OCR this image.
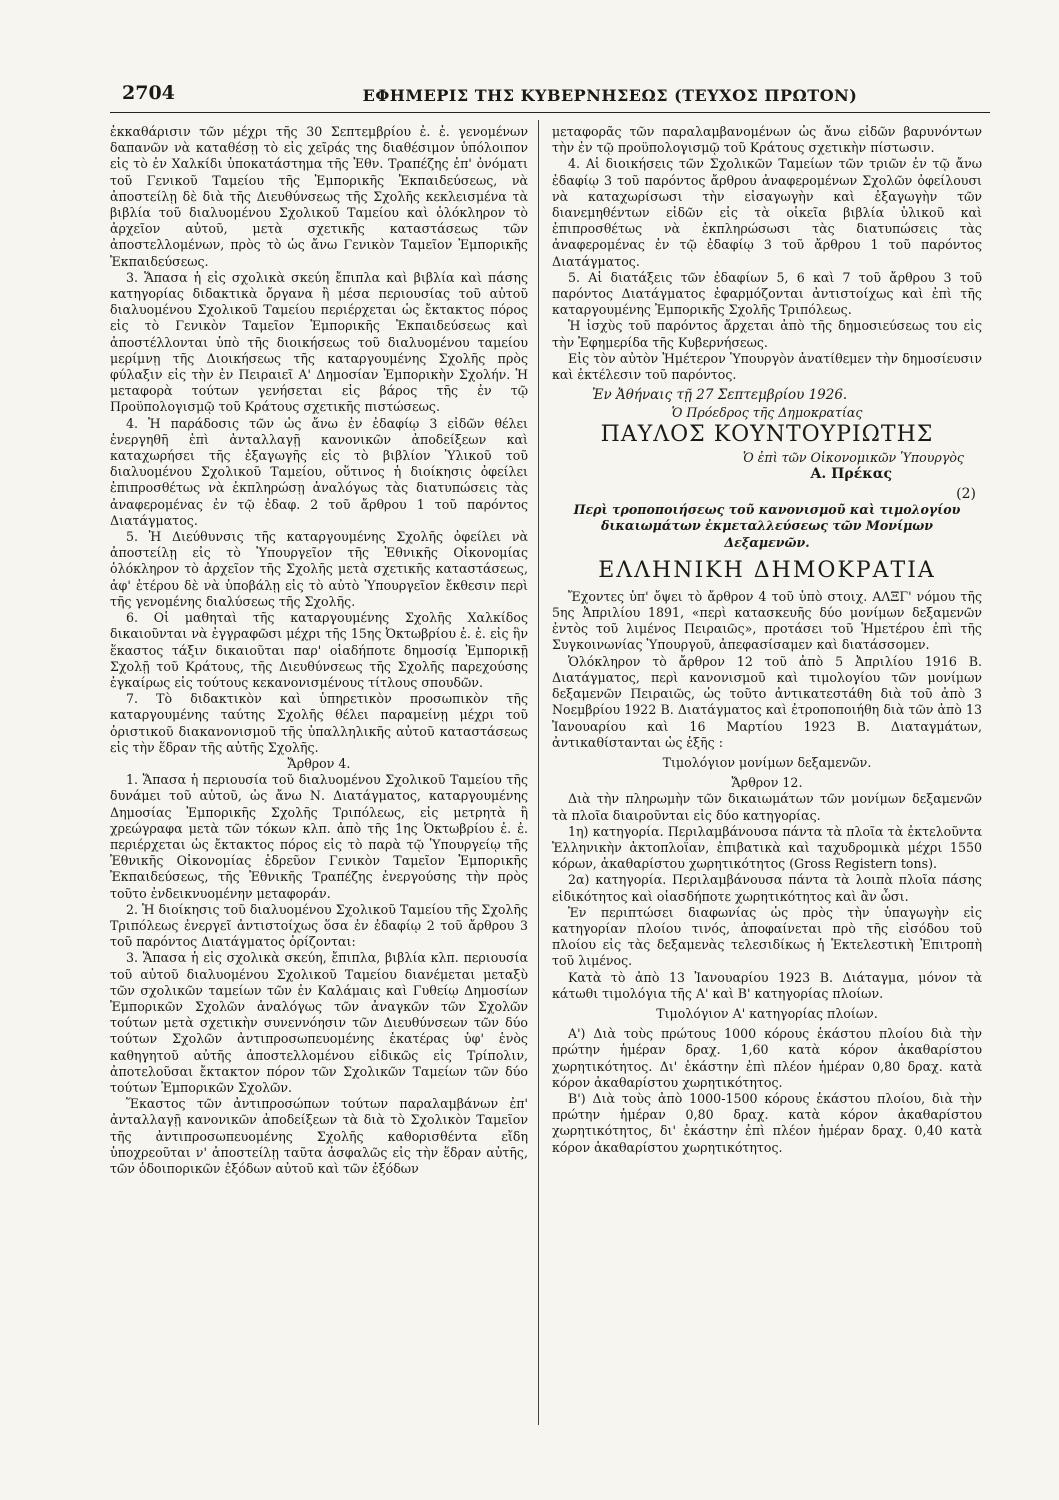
2704	ΕΦΗΜΕΡΙΣ ΤΗΣ ΚΥΒΕΡΝΗΣΕΩΣ (ΤΕΥΧΟΣ ΠΡΩΤΟΝ)

ἐκκαθάρισιν τῶν μέχρι τῆς 30 Σεπτεμβρίου ἐ. ἐ. γενομένων δαπανῶν νὰ καταθέσῃ τὸ εἰς χεῖράς της διαθέσιμον ὑπόλοιπον εἰς τὸ ἐν Χαλκίδι ὑποκατάστημα τῆς Ἐθν. Τραπέζης ἐπ' ὀνόματι τοῦ Γενικοῦ Ταμείου τῆς Ἐμπορικῆς Ἐκπαιδεύσεως, νὰ ἀποστείλῃ δὲ διὰ τῆς Διευθύνσεως τῆς Σχολῆς κεκλεισμένα τὰ βιβλία τοῦ διαλυομένου Σχολικοῦ Ταμείου καὶ ὁλόκληρον τὸ ἀρχεῖον αὐτοῦ, μετὰ σχετικῆς καταστάσεως τῶν ἀποστελλομένων, πρὸς τὸ ὡς ἄνω Γενικὸν Ταμεῖον Ἐμπορικῆς Ἐκπαιδεύσεως.

3. Ἅπασα ἡ εἰς σχολικὰ σκεύη ἔπιπλα καὶ βιβλία καὶ πάσης κατηγορίας διδακτικὰ ὄργανα ἢ μέσα περιουσίας τοῦ αὐτοῦ διαλυομένου Σχολικοῦ Ταμείου περιέρχεται ὡς ἔκτακτος πόρος εἰς τὸ Γενικὸν Ταμεῖον Ἐμπορικῆς Ἐκπαιδεύσεως καὶ ἀποστέλλονται ὑπὸ τῆς διοικήσεως τοῦ διαλυομένου ταμείου μερίμνῃ τῆς Διοικήσεως τῆς καταργουμένης Σχολῆς πρὸς φύλαξιν εἰς τὴν ἐν Πειραιεῖ Α' Δημοσίαν Ἐμπορικὴν Σχολήν. Ἡ μεταφορὰ τούτων γενήσεται εἰς βάρος τῆς ἐν τῷ Προϋπολογισμῷ τοῦ Κράτους σχετικῆς πιστώσεως.

4. Ἡ παράδοσις τῶν ὡς ἄνω ἐν ἐδαφίῳ 3 εἰδῶν θέλει ἐνεργηθῆ ἐπὶ ἀνταλλαγῇ κανονικῶν ἀποδείξεων καὶ καταχωρήσει τῆς ἐξαγωγῆς εἰς τὸ βιβλίον Ὑλικοῦ τοῦ διαλυομένου Σχολικοῦ Ταμείου, οὕτινος ἡ διοίκησις ὀφείλει ἐπιπροσθέτως νὰ ἐκπληρώσῃ ἀναλόγως τὰς διατυπώσεις τὰς ἀναφερομένας ἐν τῷ ἐδαφ. 2 τοῦ ἄρθρου 1 τοῦ παρόντος Διατάγματος.

5. Ἡ Διεύθυνσις τῆς καταργουμένης Σχολῆς ὀφείλει νὰ ἀποστείλῃ εἰς τὸ Ὑπουργεῖον τῆς Ἐθνικῆς Οἰκονομίας ὁλόκληρον τὸ ἀρχεῖον τῆς Σχολῆς μετὰ σχετικῆς καταστάσεως, ἀφ' ἑτέρου δὲ νὰ ὑποβάλῃ εἰς τὸ αὐτὸ Ὑπουργεῖον ἔκθεσιν περὶ τῆς γενομένης διαλύσεως τῆς Σχολῆς.

6. Οἱ μαθηταὶ τῆς καταργουμένης Σχολῆς Χαλκίδος δικαιοῦνται νὰ ἐγγραφῶσι μέχρι τῆς 15ης Ὀκτωβρίου ἐ. ἐ. εἰς ἣν ἕκαστος τάξιν δικαιοῦται παρ' οἱαδήποτε δημοσίᾳ Ἐμπορικῇ Σχολῇ τοῦ Κράτους, τῆς Διευθύνσεως τῆς Σχολῆς παρεχούσης ἐγκαίρως εἰς τούτους κεκανονισμένους τίτλους σπουδῶν.

7. Τὸ διδακτικὸν καὶ ὑπηρετικὸν προσωπικὸν τῆς καταργουμένης ταύτης Σχολῆς θέλει παραμείνῃ μέχρι τοῦ ὁριστικοῦ διακανονισμοῦ τῆς ὑπαλληλικῆς αὐτοῦ καταστάσεως εἰς τὴν ἕδραν τῆς αὐτῆς Σχολῆς.

Ἄρθρον 4.

1. Ἅπασα ἡ περιουσία τοῦ διαλυομένου Σχολικοῦ Ταμείου τῆς δυνάμει τοῦ αὐτοῦ, ὡς ἄνω Ν. Διατάγματος, καταργουμένης Δημοσίας Ἐμπορικῆς Σχολῆς Τριπόλεως, εἰς μετρητὰ ἢ χρεώγραφα μετὰ τῶν τόκων κλπ. ἀπὸ τῆς 1ης Ὀκτωβρίου ἐ. ἐ. περιέρχεται ὡς ἔκτακτος πόρος εἰς τὸ παρὰ τῷ Ὑπουργείῳ τῆς Ἐθνικῆς Οἰκονομίας ἑδρεῦον Γενικὸν Ταμεῖον Ἐμπορικῆς Ἐκπαιδεύσεως, τῆς Ἐθνικῆς Τραπέζης ἐνεργούσης τὴν πρὸς τοῦτο ἐνδεικνυομένην μεταφοράν.

2. Ἡ διοίκησις τοῦ διαλυομένου Σχολικοῦ Ταμείου τῆς Σχολῆς Τριπόλεως ἐνεργεῖ ἀντιστοίχως ὅσα ἐν ἐδαφίῳ 2 τοῦ ἄρθρου 3 τοῦ παρόντος Διατάγματος ὁρίζονται:

3. Ἅπασα ἡ εἰς σχολικὰ σκεύη, ἔπιπλα, βιβλία κλπ. περιουσία τοῦ αὐτοῦ διαλυομένου Σχολικοῦ Ταμείου διανέμεται μεταξὺ τῶν σχολικῶν ταμείων τῶν ἐν Καλάμαις καὶ Γυθείῳ Δημοσίων Ἐμπορικῶν Σχολῶν ἀναλόγως τῶν ἀναγκῶν τῶν Σχολῶν τούτων μετὰ σχετικὴν συνεννόησιν τῶν Διευθύνσεων τῶν δύο τούτων Σχολῶν ἀντιπροσωπευομένης ἑκατέρας ὑφ' ἑνὸς καθηγητοῦ αὐτῆς ἀποστελλομένου εἰδικῶς εἰς Τρίπολιν, ἀποτελοῦσαι ἔκτακτον πόρον τῶν Σχολικῶν Ταμείων τῶν δύο τούτων Ἐμπορικῶν Σχολῶν.

Ἕκαστος τῶν ἀντιπροσώπων τούτων παραλαμβάνων ἐπ' ἀνταλλαγῇ κανονικῶν ἀποδείξεων τὰ διὰ τὸ Σχολικὸν Ταμεῖον τῆς ἀντιπροσωπευομένης Σχολῆς καθορισθέντα εἴδη ὑποχρεοῦται ν' ἀποστείλῃ ταῦτα ἀσφαλῶς εἰς τὴν ἕδραν αὐτῆς, τῶν ὁδοιπορικῶν ἐξόδων αὐτοῦ καὶ τῶν ἐξόδων

μεταφορᾶς τῶν παραλαμβανομένων ὡς ἄνω εἰδῶν βαρυνόντων τὴν ἐν τῷ προϋπολογισμῷ τοῦ Κράτους σχετικὴν πίστωσιν.

4. Αἱ διοικήσεις τῶν Σχολικῶν Ταμείων τῶν τριῶν ἐν τῷ ἄνω ἐδαφίῳ 3 τοῦ παρόντος ἄρθρου ἀναφερομένων Σχολῶν ὀφείλουσι νὰ καταχωρίσωσι τὴν εἰσαγωγὴν καὶ ἐξαγωγὴν τῶν διανεμηθέντων εἰδῶν εἰς τὰ οἰκεῖα βιβλία ὑλικοῦ καὶ ἐπιπροσθέτως νὰ ἐκπληρώσωσι τὰς διατυπώσεις τὰς ἀναφερομένας ἐν τῷ ἐδαφίῳ 3 τοῦ ἄρθρου 1 τοῦ παρόντος Διατάγματος.

5. Αἱ διατάξεις τῶν ἐδαφίων 5, 6 καὶ 7 τοῦ ἄρθρου 3 τοῦ παρόντος Διατάγματος ἐφαρμόζονται ἀντιστοίχως καὶ ἐπὶ τῆς καταργουμένης Ἐμπορικῆς Σχολῆς Τριπόλεως.

Ἡ ἰσχὺς τοῦ παρόντος ἄρχεται ἀπὸ τῆς δημοσιεύσεως του εἰς τὴν Ἐφημερίδα τῆς Κυβερνήσεως.

Εἰς τὸν αὐτὸν Ἡμέτερον Ὑπουργὸν ἀνατίθεμεν τὴν δημοσίευσιν καὶ ἐκτέλεσιν τοῦ παρόντος.

Ἐν Ἀθήναις τῇ 27 Σεπτεμβρίου 1926.

Ὁ Πρόεδρος τῆς Δημοκρατίας

ΠΑΥΛΟΣ ΚΟΥΝΤΟΥΡΙΩΤΗΣ

Ὁ ἐπὶ τῶν Οἰκονομικῶν Ὑπουργὸς

Α. Πρέκας

(2)

Περὶ τροποποιήσεως τοῦ κανονισμοῦ καὶ τιμολογίου δικαιωμάτων ἐκμεταλλεύσεως τῶν Μονίμων Δεξαμενῶν.

ΕΛΛΗΝΙΚΗ ΔΗΜΟΚΡΑΤΙΑ

Ἔχοντες ὑπ' ὄψει τὸ ἄρθρον 4 τοῦ ὑπὸ στοιχ. ΑΛΞΓ' νόμου τῆς 5ης Ἀπριλίου 1891, «περὶ κατασκευῆς δύο μονίμων δεξαμενῶν ἐντὸς τοῦ λιμένος Πειραιῶς», προτάσει τοῦ Ἡμετέρου ἐπὶ τῆς Συγκοινωνίας Ὑπουργοῦ, ἀπεφασίσαμεν καὶ διατάσσομεν.

Ὁλόκληρον τὸ ἄρθρον 12 τοῦ ἀπὸ 5 Ἀπριλίου 1916 Β. Διατάγματος, περὶ κανονισμοῦ καὶ τιμολογίου τῶν μονίμων δεξαμενῶν Πειραιῶς, ὡς τοῦτο ἀντικατεστάθη διὰ τοῦ ἀπὸ 3 Νοεμβρίου 1922 Β. Διατάγματος καὶ ἐτροποποιήθη διὰ τῶν ἀπὸ 13 Ἰανουαρίου καὶ 16 Μαρτίου 1923 Β. Διαταγμάτων, ἀντικαθίστανται ὡς ἑξῆς :

Τιμολόγιον μονίμων δεξαμενῶν.

Ἄρθρον 12.

Διὰ τὴν πληρωμὴν τῶν δικαιωμάτων τῶν μονίμων δεξαμενῶν τὰ πλοῖα διαιροῦνται εἰς δύο κατηγορίας.

1η) κατηγορία. Περιλαμβάνουσα πάντα τὰ πλοῖα τὰ ἐκτελοῦντα Ἑλληνικὴν ἀκτοπλοΐαν, ἐπιβατικὰ καὶ ταχυδρομικὰ μέχρι 1550 κόρων, ἀκαθαρίστου χωρητικότητος (Gross Registern tons).

2α) κατηγορία. Περιλαμβάνουσα πάντα τὰ λοιπὰ πλοῖα πάσης εἰδικότητος καὶ οἱασδήποτε χωρητικότητος καὶ ἂν ὦσι.

Ἐν περιπτώσει διαφωνίας ὡς πρὸς τὴν ὑπαγωγὴν εἰς κατηγορίαν πλοίου τινός, ἀποφαίνεται πρὸ τῆς εἰσόδου τοῦ πλοίου εἰς τὰς δεξαμενὰς τελεσιδίκως ἡ Ἐκτελεστικὴ Ἐπιτροπὴ τοῦ λιμένος.

Κατὰ τὸ ἀπὸ 13 Ἰανουαρίου 1923 Β. Διάταγμα, μόνον τὰ κάτωθι τιμολόγια τῆς Α' καὶ Β' κατηγορίας πλοίων.

Τιμολόγιον Α' κατηγορίας πλοίων.

Α') Διὰ τοὺς πρώτους 1000 κόρους ἑκάστου πλοίου διὰ τὴν πρώτην ἡμέραν δραχ. 1,60 κατὰ κόρον ἀκαθαρίστου χωρητικότητος. Δι' ἑκάστην ἐπὶ πλέον ἡμέραν 0,80 δραχ. κατὰ κόρον ἀκαθαρίστου χωρητικότητος.

Β') Διὰ τοὺς ἀπὸ 1000-1500 κόρους ἑκάστου πλοίου, διὰ τὴν πρώτην ἡμέραν 0,80 δραχ. κατὰ κόρον ἀκαθαρίστου χωρητικότητος, δι' ἑκάστην ἐπὶ πλέον ἡμέραν δραχ. 0,40 κατὰ κόρον ἀκαθαρίστου χωρητικότητος.
